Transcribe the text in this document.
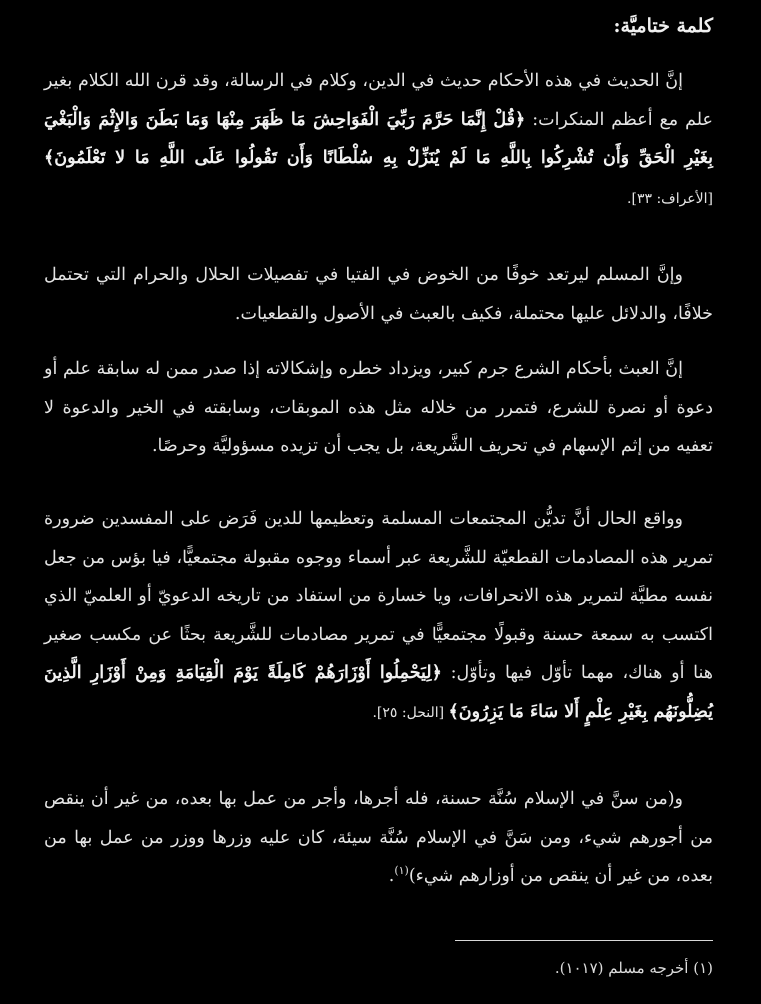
كلمة ختاميَّة:

إنَّ الحديث في هذه الأحكام حديث في الدين، وكلام في الرسالة، وقد قرن الله الكلام بغير علم مع أعظم المنكرات: ﴿قُلْ إِنَّمَا حَرَّمَ رَبِّيَ الْفَوَاحِشَ مَا ظَهَرَ مِنْهَا وَمَا بَطَنَ وَالإِثْمَ وَالْبَغْيَ بِغَيْرِ الْحَقِّ وَأَن تُشْرِكُوا بِاللَّهِ مَا لَمْ يُنَزِّلْ بِهِ سُلْطَانًا وَأَن تَقُولُوا عَلَى اللَّهِ مَا لا تَعْلَمُونَ﴾ [الأعراف: ٣٣].

وإنَّ المسلم ليرتعد خوفًا من الخوض في الفتيا في تفصيلات الحلال والحرام التي تحتمل خلافًا، والدلائل عليها محتملة، فكيف بالعبث في الأصول والقطعيات.

إنَّ العبث بأحكام الشرع جرم كبير، ويزداد خطره وإشكالاته إذا صدر ممن له سابقة علم أو دعوة أو نصرة للشرع، فتمرر من خلاله مثل هذه الموبقات، وسابقته في الخير والدعوة لا تعفيه من إثم الإسهام في تحريف الشَّريعة، بل يجب أن تزيده مسؤوليَّة وحرصًا.

وواقع الحال أنَّ تديُّن المجتمعات المسلمة وتعظيمها للدين فَرَض على المفسدين ضرورة تمرير هذه المصادمات القطعيّة للشَّريعة عبر أسماء ووجوه مقبولة مجتمعيًّا، فيا بؤس من جعل نفسه مطيَّة لتمرير هذه الانحرافات، ويا خسارة من استفاد من تاريخه الدعويّ أو العلميّ الذي اكتسب به سمعة حسنة وقبولًا مجتمعيًّا في تمرير مصادمات للشَّريعة بحثًا عن مكسب صغير هنا أو هناك، مهما تأوّل فيها وتأوّل: ﴿لِيَحْمِلُوا أَوْزَارَهُمْ كَامِلَةً يَوْمَ الْقِيَامَةِ وَمِنْ أَوْزَارِ الَّذِينَ يُضِلُّونَهُم بِغَيْرِ عِلْمٍ أَلا سَاءَ مَا يَزِرُونَ﴾ [النحل: ٢٥].

و(من سنَّ في الإسلام سُنَّة حسنة، فله أجرها، وأجر من عمل بها بعده، من غير أن ينقص من أجورهم شيء، ومن سَنَّ في الإسلام سُنَّة سيئة، كان عليه وزرها ووزر من عمل بها من بعده، من غير أن ينقص من أوزارهم شيء)$^{(١)}$.

(١) أخرجه مسلم (١٠١٧).
